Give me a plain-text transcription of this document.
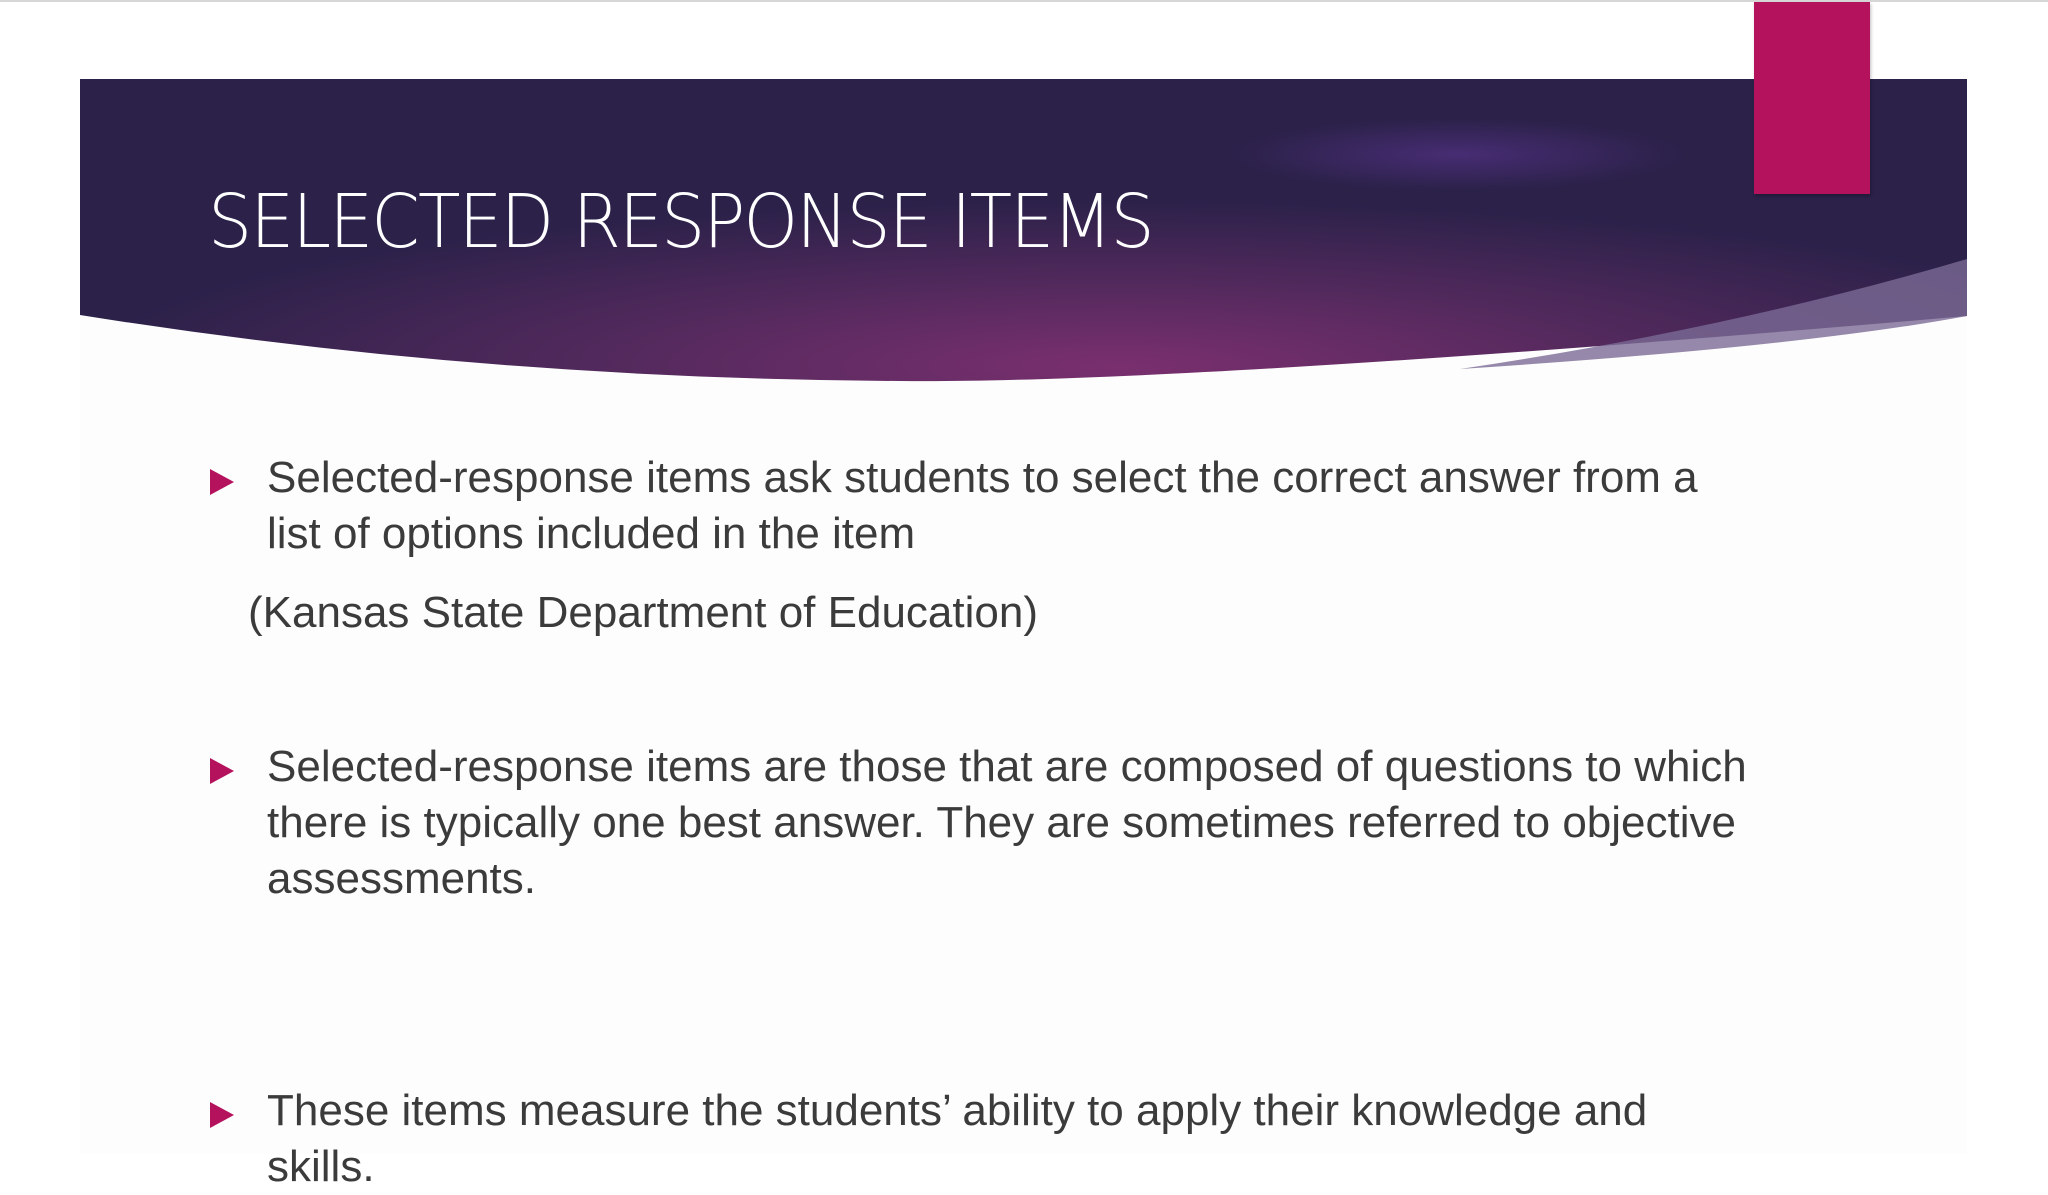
SELECTED RESPONSE ITEMS
Selected-response items ask students to select the correct answer from a list of options included in the item
(Kansas State Department of Education)
Selected-response items are those that are composed of questions to which there is typically one best answer. They are sometimes referred to objective assessments.
These items measure the students’ ability to apply their knowledge and skills.
